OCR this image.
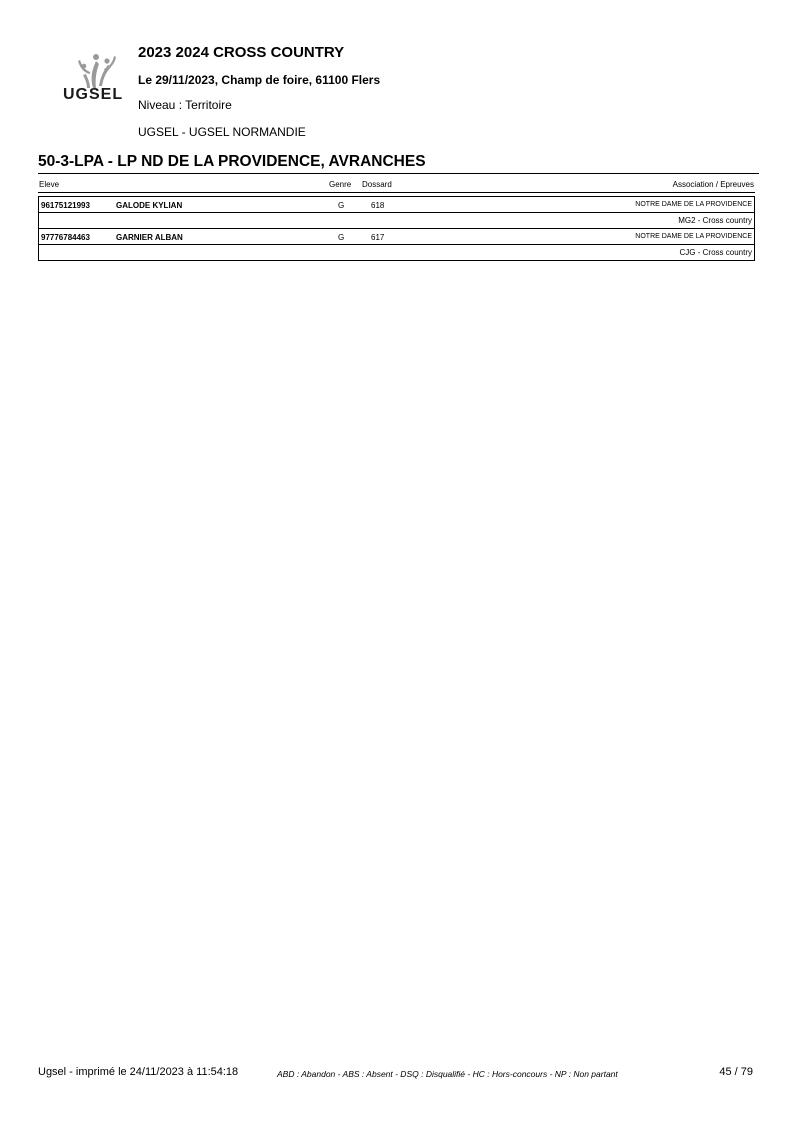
UGSEL
2023 2024 CROSS COUNTRY
Le 29/11/2023, Champ de foire, 61100 Flers
Niveau : Territoire
UGSEL - UGSEL NORMANDIE
50-3-LPA - LP ND DE LA PROVIDENCE, AVRANCHES
Eleve	Genre Dossard	Association / Epreuves
96175121993	GALODE KYLIAN	G	618	NOTRE DAME DE LA PROVIDENCE
MG2 - Cross country
97776784463	GARNIER ALBAN	G	617	NOTRE DAME DE LA PROVIDENCE
CJG - Cross country
Ugsel - imprimé le 24/11/2023 à 11:54:18	ABD : Abandon - ABS : Absent - DSQ : Disqualifié - HC : Hors-concours - NP : Non partant	45 / 79
